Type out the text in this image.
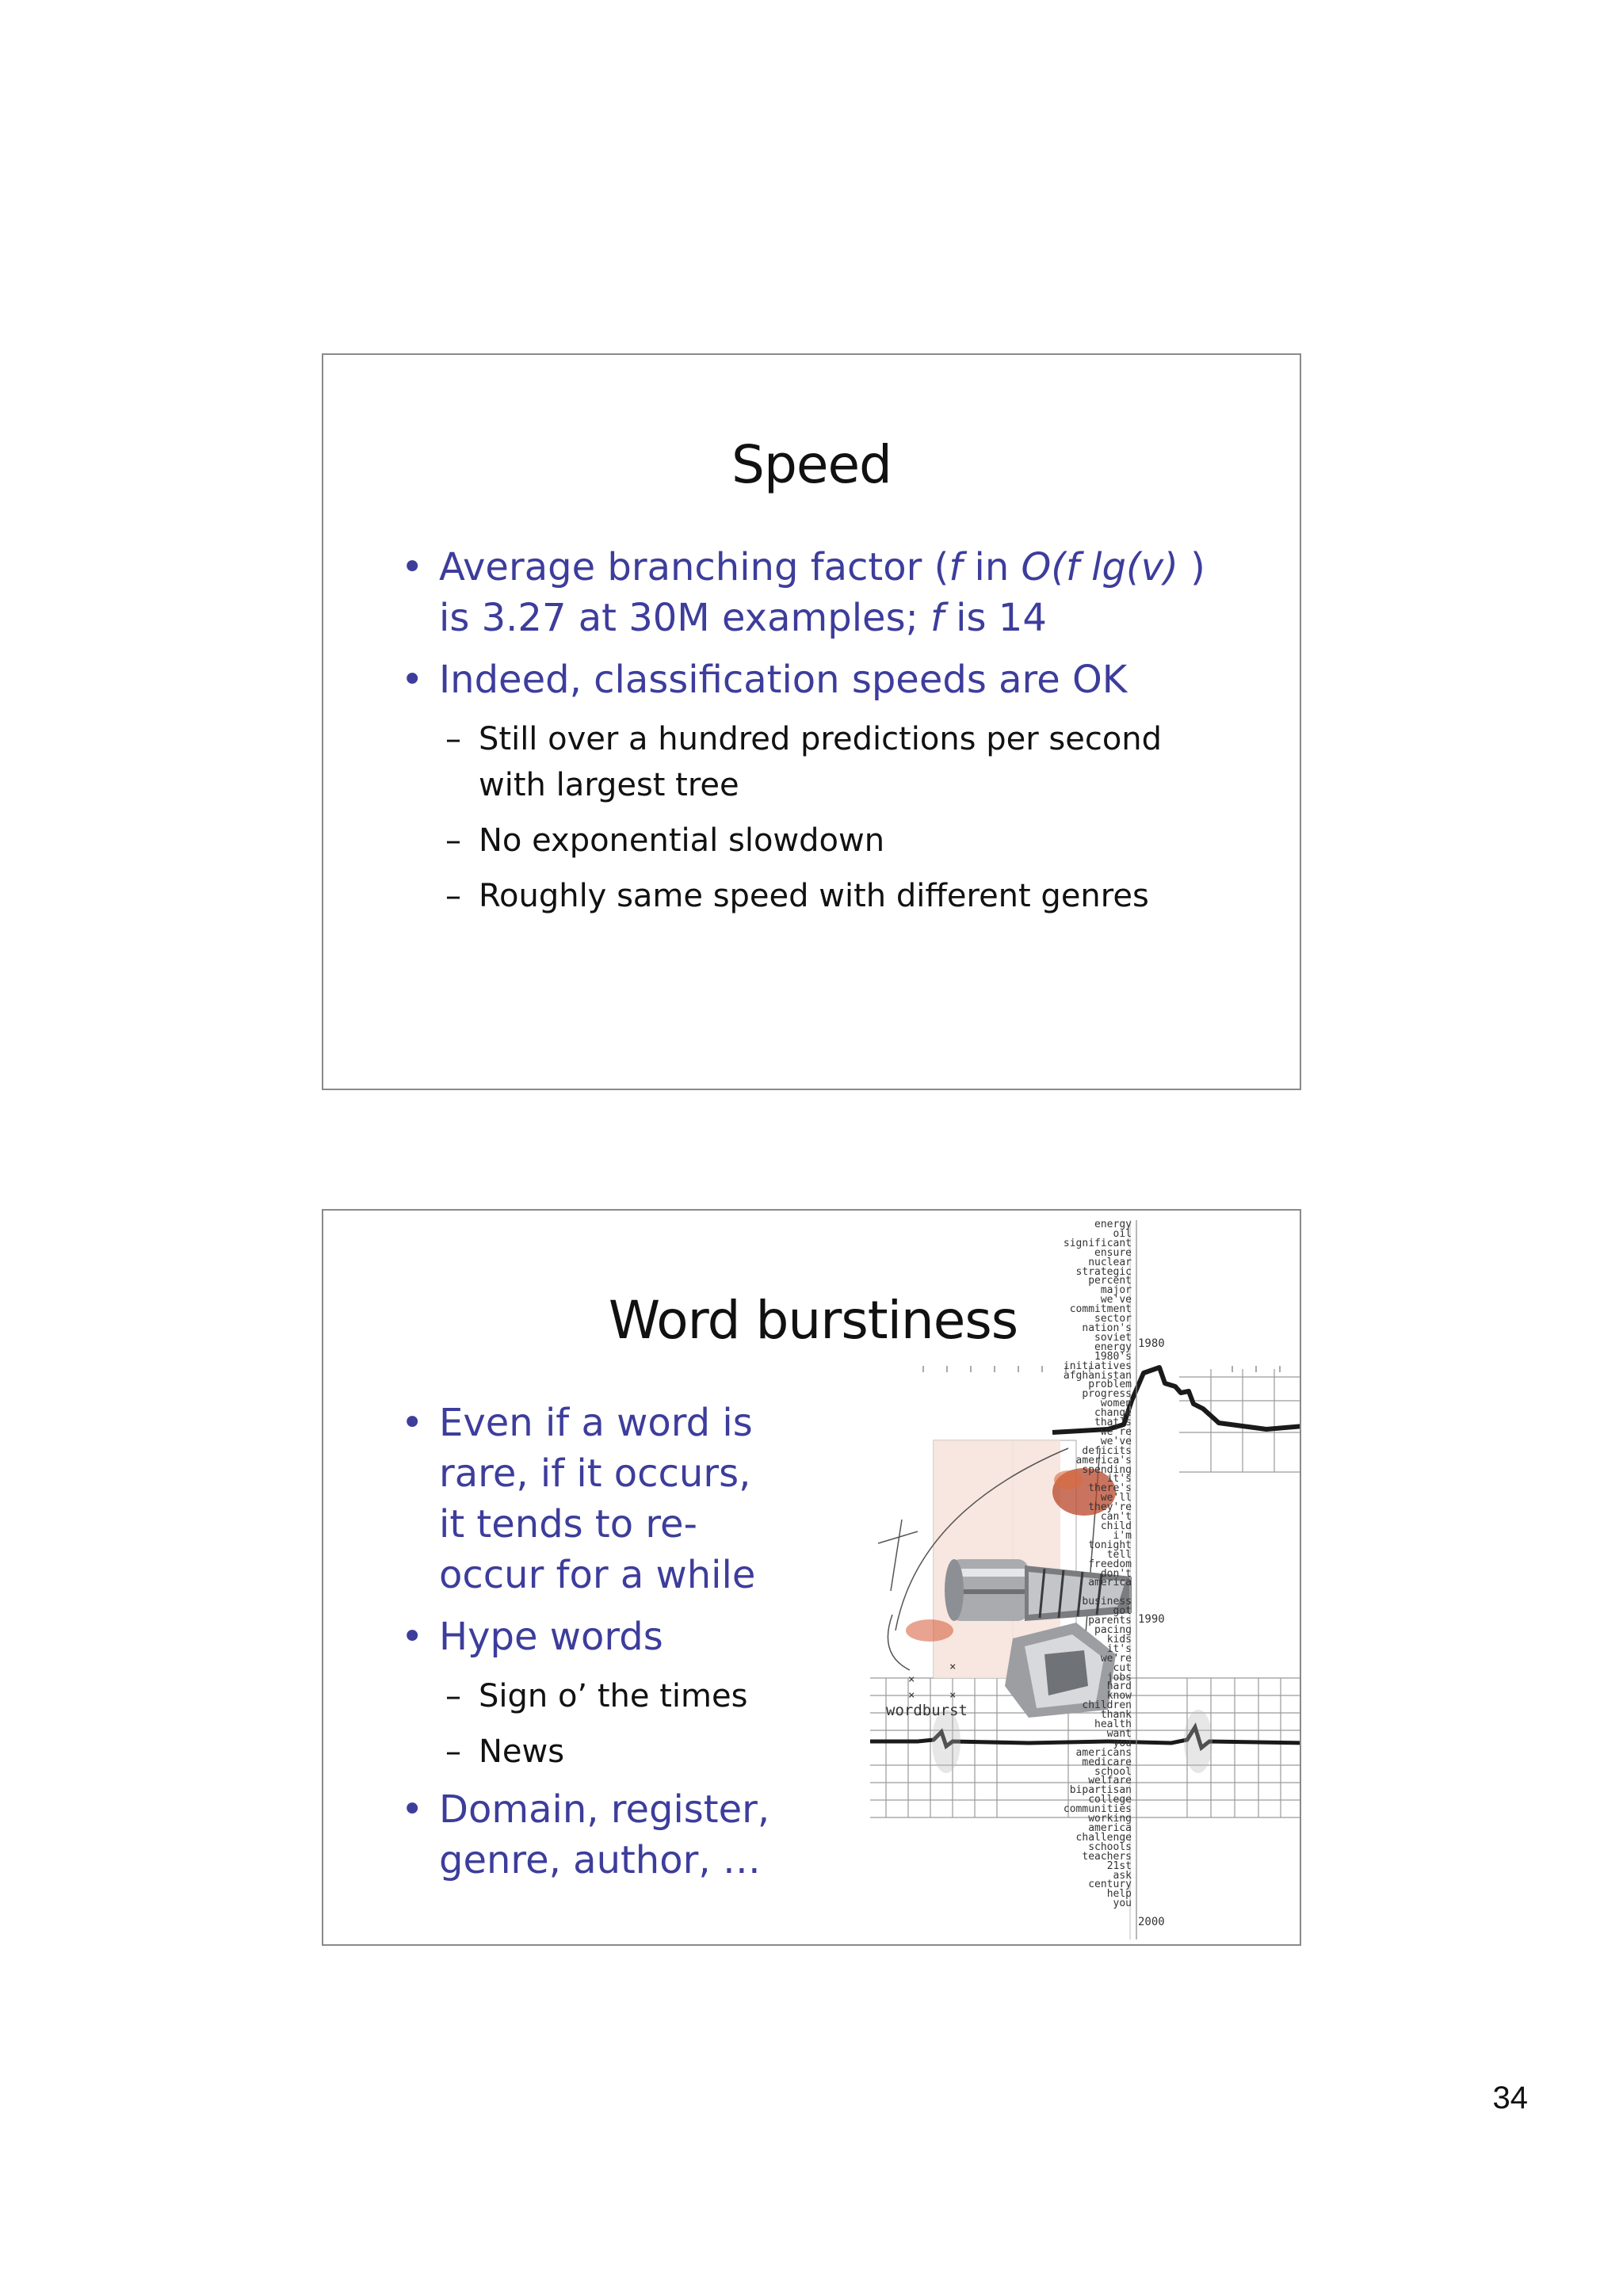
Speed
• Average branching factor (f in O(f lg(v) ) is 3.27 at 30M examples; f is 14
• Indeed, classification speeds are OK
– Still over a hundred predictions per second with largest tree
– No exponential slowdown
– Roughly same speed with different genres
Word burstiness
• Even if a word is rare, if it occurs, it tends to re-occur for a while
• Hype words
– Sign o’ the times
– News
• Domain, register, genre, author, …
×
×
×	×
energy
oil
significant
ensure
nuclear
strategic
percent
major
we've
commitment
sector
nation's
soviet
energy
1980's
initiatives
afghanistan
problem
progress
women
change
that's
we're
we've
deficits
america's
spending
it's
there's
we'll
they're
can't
child
i'm
tonight
tell
freedom
don't
america

business
got
parents
pacing
kids
it's
we're
cut
jobs
hard
know
children
thank
health
want
you
americans
medicare
school
welfare
bipartisan
college
communities
working
america
challenge
schools
teachers
21st
ask
century
help
you
1980
1990
2000
wordburst
34
